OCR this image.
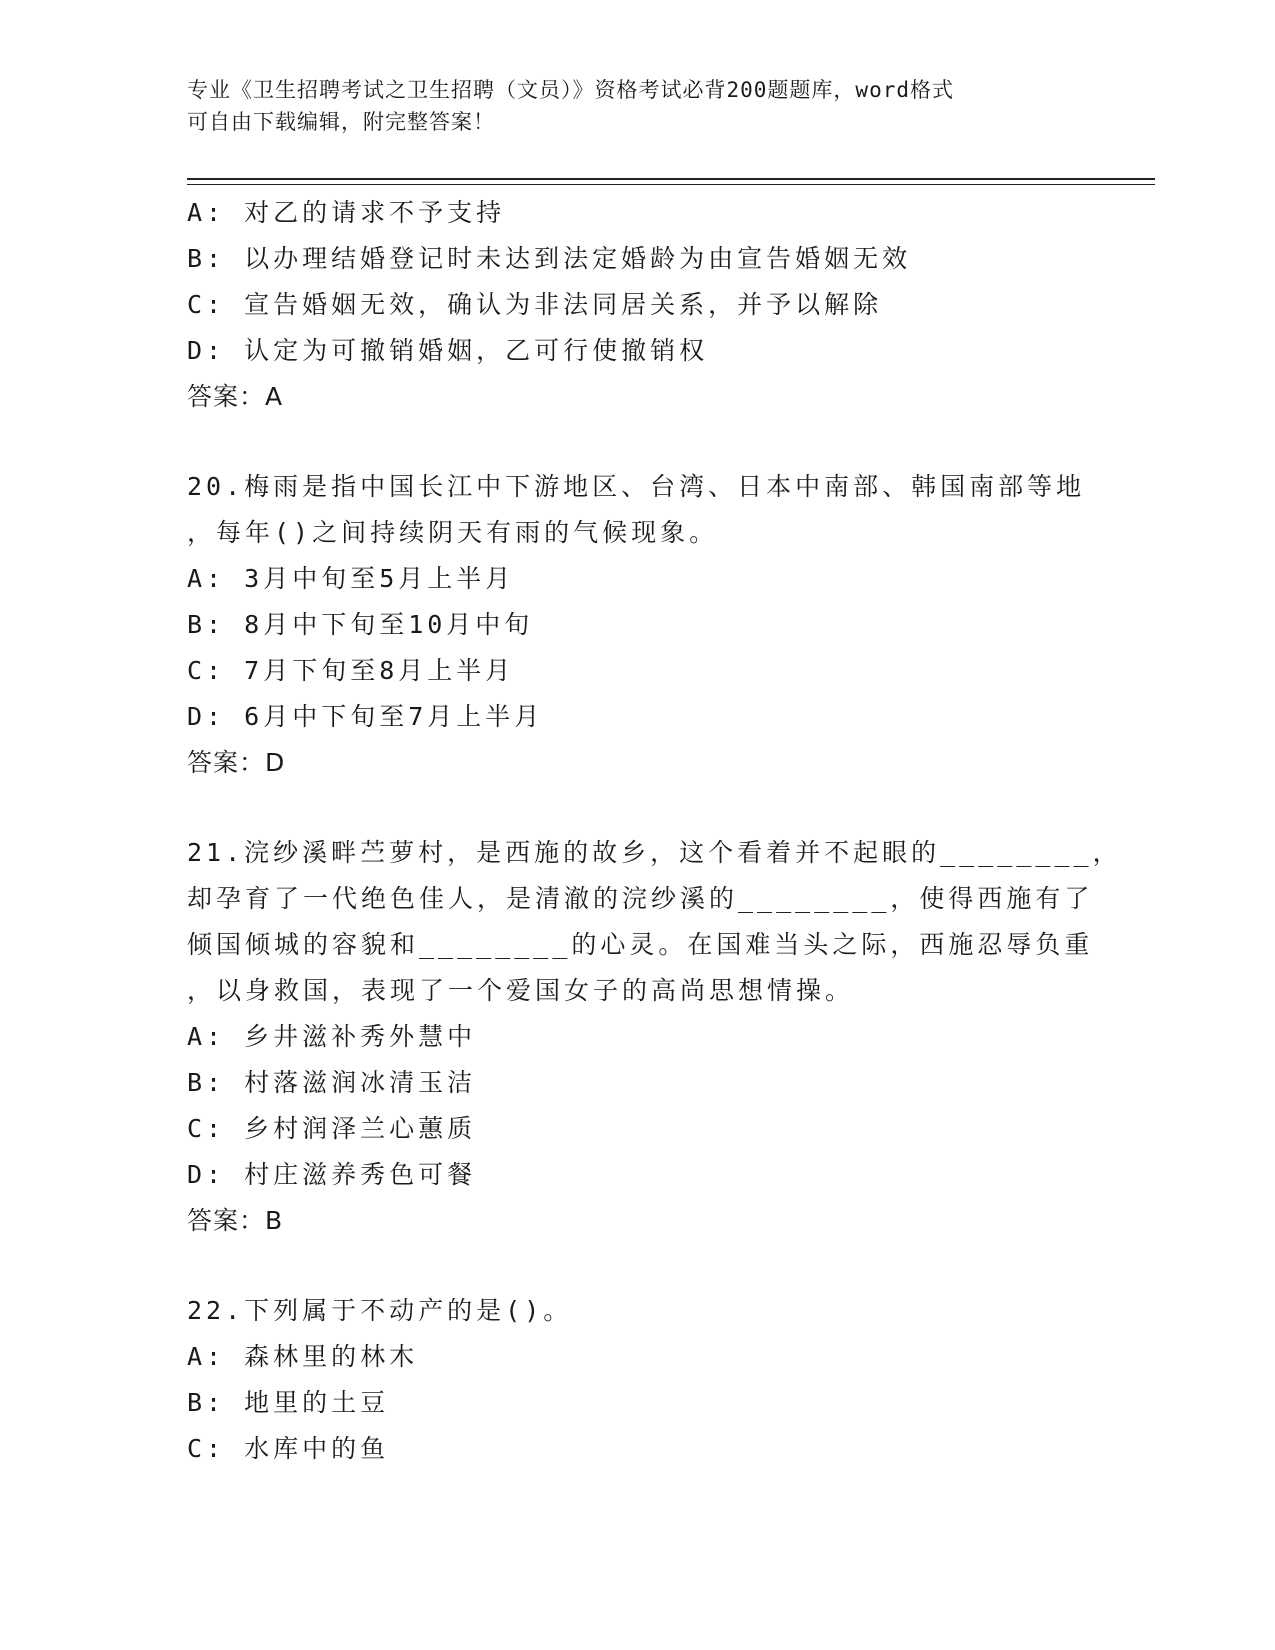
专业《卫生招聘考试之卫生招聘（文员）》资格考试必背200题题库，word格式
可自由下载编辑，附完整答案！
A: 对乙的请求不予支持
B: 以办理结婚登记时未达到法定婚龄为由宣告婚姻无效
C: 宣告婚姻无效，确认为非法同居关系，并予以解除
D: 认定为可撤销婚姻，乙可行使撤销权
答案：A
20.梅雨是指中国长江中下游地区、台湾、日本中南部、韩国南部等地
，每年()之间持续阴天有雨的气候现象。
A: 3月中旬至5月上半月
B: 8月中下旬至10月中旬
C: 7月下旬至8月上半月
D: 6月中下旬至7月上半月
答案：D
21.浣纱溪畔苎萝村，是西施的故乡，这个看着并不起眼的________，
却孕育了一代绝色佳人，是清澈的浣纱溪的________，使得西施有了
倾国倾城的容貌和________的心灵。在国难当头之际，西施忍辱负重
，以身救国，表现了一个爱国女子的高尚思想情操。
A: 乡井滋补秀外慧中
B: 村落滋润冰清玉洁
C: 乡村润泽兰心蕙质
D: 村庄滋养秀色可餐
答案：B
22.下列属于不动产的是()。
A: 森林里的林木
B: 地里的土豆
C: 水库中的鱼
